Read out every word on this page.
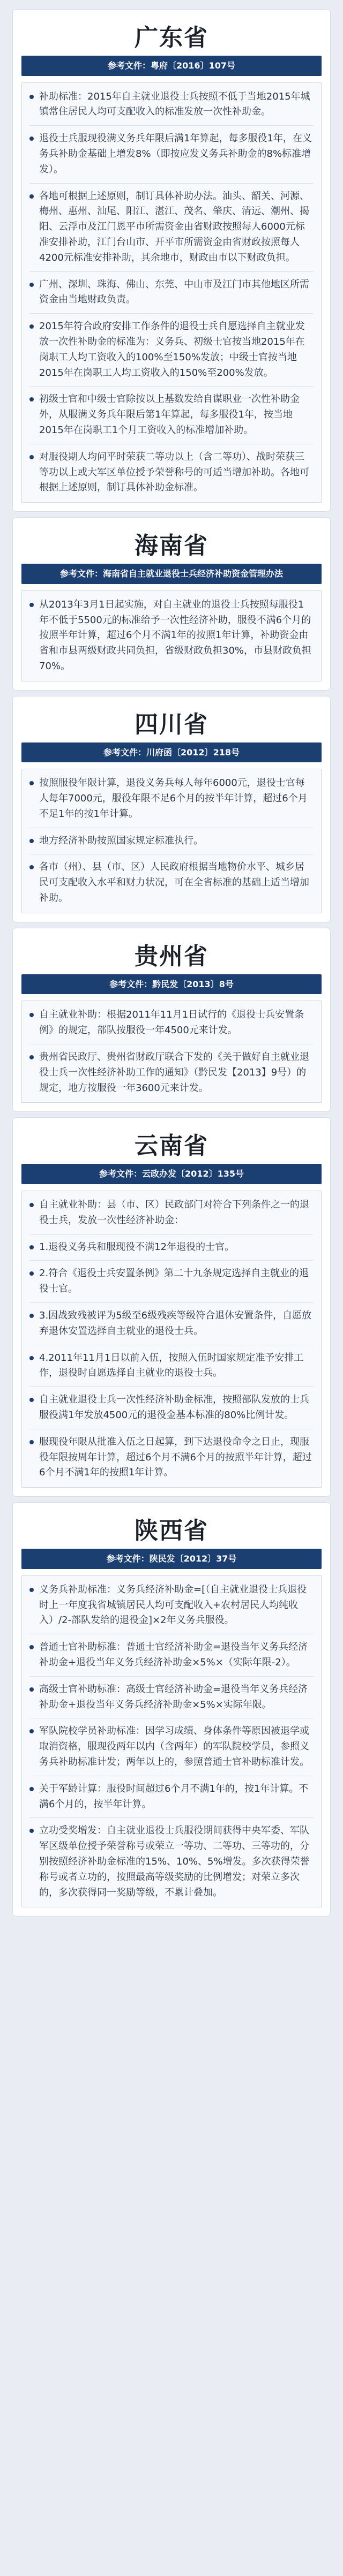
广东省
参考文件：粤府〔2016〕107号
补助标准：2015年自主就业退役士兵按照不低于当地2015年城镇常住居民人均可支配收入的标准发放一次性补助金。
退役士兵服现役满义务兵年限后满1年算起，每多服役1年，在义务兵补助金基础上增发8%（即按应发义务兵补助金的8%标准增发）。
各地可根据上述原则，制订具体补助办法。汕头、韶关、河源、梅州、惠州、汕尾、阳江、湛江、茂名、肇庆、清远、潮州、揭阳、云浮市及江门恩平市所需资金由省财政按照每人6000元标准安排补助，江门台山市、开平市所需资金由省财政按照每人4200元标准安排补助，其余地市，财政由市以下财政负担。
广州、深圳、珠海、佛山、东莞、中山市及江门市其他地区所需资金由当地财政负责。
2015年符合政府安排工作条件的退役士兵自愿选择自主就业发放一次性补助金的标准为：义务兵、初级士官按当地2015年在岗职工人均工资收入的100%至150%发放；中级士官按当地2015年在岗职工人均工资收入的150%至200%发放。
初级士官和中级士官除按以上基数发给自谋职业一次性补助金外，从服满义务兵年限后第1年算起，每多服役1年，按当地2015年在岗职工1个月工资收入的标准增加补助。
对服役期人均问平时荣获二等功以上（含二等功）、战时荣获三等功以上或大军区单位授予荣誉称号的可适当增加补助。各地可根据上述原则，制订具体补助金标准。
海南省
参考文件：海南省自主就业退役士兵经济补助资金管理办法
从2013年3月1日起实施，对自主就业的退役士兵按照每服役1年不低于5500元的标准给予一次性经济补助，服役不满6个月的按照半年计算，超过6个月不满1年的按照1年计算，补助资金由省和市县两级财政共同负担，省级财政负担30%，市县财政负担70%。
四川省
参考文件：川府函〔2012〕218号
按照服役年限计算，退役义务兵每人每年6000元，退役士官每人每年7000元，服役年限不足6个月的按半年计算，超过6个月不足1年的按1年计算。
地方经济补助按照国家规定标准执行。
各市（州）、县（市、区）人民政府根据当地物价水平、城乡居民可支配收入水平和财力状况，可在全省标准的基础上适当增加补助。
贵州省
参考文件：黔民发〔2013〕8号
自主就业补助：根据2011年11月1日试行的《退役士兵安置条例》的规定，部队按服役一年4500元来计发。
贵州省民政厅、贵州省财政厅联合下发的《关于做好自主就业退役士兵一次性经济补助工作的通知》（黔民发【2013】9号）的规定，地方按服役一年3600元来计发。
云南省
参考文件：云政办发〔2012〕135号
自主就业补助：县（市、区）民政部门对符合下列条件之一的退役士兵，发放一次性经济补助金：
1.退役义务兵和服现役不满12年退役的士官。
2.符合《退役士兵安置条例》第二十九条规定选择自主就业的退役士官。
3.因战致残被评为5级至6级残疾等级符合退休安置条件，自愿放弃退休安置选择自主就业的退役士兵。
4.2011年11月1日以前入伍，按照入伍时国家规定准予安排工作，退役时自愿选择自主就业的退役士兵。
自主就业退役士兵一次性经济补助金标准，按照部队发放的士兵服役满1年发放4500元的退役金基本标准的80%比例计发。
服现役年限从批准入伍之日起算，到下达退役命令之日止，现服役年限按周年计算，超过6个月不满6个月的按照半年计算，超过6个月不满1年的按照1年计算。
陕西省
参考文件：陕民发〔2012〕37号
义务兵补助标准：义务兵经济补助金=[（自主就业退役士兵退役时上一年度我省城镇居民人均可支配收入+农村居民人均纯收入）/2-部队发给的退役金]×2年义务兵服役。
普通士官补助标准：普通士官经济补助金=退役当年义务兵经济补助金+退役当年义务兵经济补助金×5%×（实际年限-2）。
高级士官补助标准：高级士官经济补助金=退役当年义务兵经济补助金+退役当年义务兵经济补助金×5%×实际年限。
军队院校学员补助标准：因学习成绩、身体条件等原因被退学或取消资格，服现役两年以内（含两年）的军队院校学员，参照义务兵补助标准计发；两年以上的，参照普通士官补助标准计发。
关于军龄计算：服役时间超过6个月不满1年的，按1年计算。不满6个月的，按半年计算。
立功受奖增发：自主就业退役士兵服役期间获得中央军委、军队军区级单位授予荣誉称号或荣立一等功、二等功、三等功的，分别按照经济补助金标准的15%、10%、5%增发。多次获得荣誉称号或者立功的，按照最高等级奖励的比例增发；对荣立多次的，多次获得同一奖励等级，不累计叠加。
